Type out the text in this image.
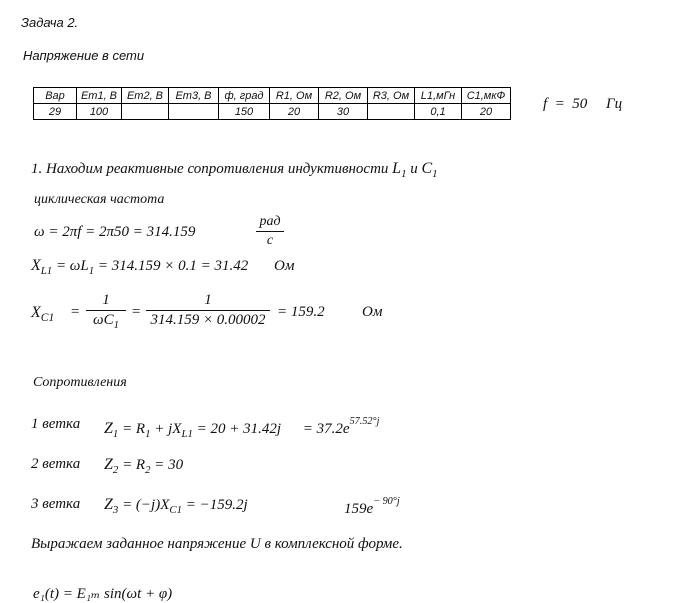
Задача 2.
Напряжение в сети
Вар	Em1, B	Em2, B	Em3, B	ф, град	R1, Ом	R2, Ом	R3, Ом	L1,мГн	C1,мкФ
29	100			150	20	30		0,1	20	f = 50 Гц
1. Находим реактивные сопротивления индуктивности $L_1$ и $C_1$
циклическая частота
ω = 2πf = 2π50 = 314.159
рад
c
$X_{L1} = \omega L_1 = 314.159 \times 0.1 = 31.42$ Ом
$X_{C1}$ =
1
$\omega C_1$
=
1
314.159 × 0.00002 = 159.2 Ом
Сопротивления
1 ветка $Z_1 = R_1 + jX_{L1} = 20 + 31.42j = 37.2e^{57.52^\circ j}$
2 ветка $Z_2 = R_2 = 30$
3 ветка $Z_3 = (-j)X_{C1} = -159.2j$	$159e^{- 90^\circ j}$
Выражаем заданное напряжение U в комплексной форме.
e₁(t) = E₁ₘ sin(ωt + φ)
